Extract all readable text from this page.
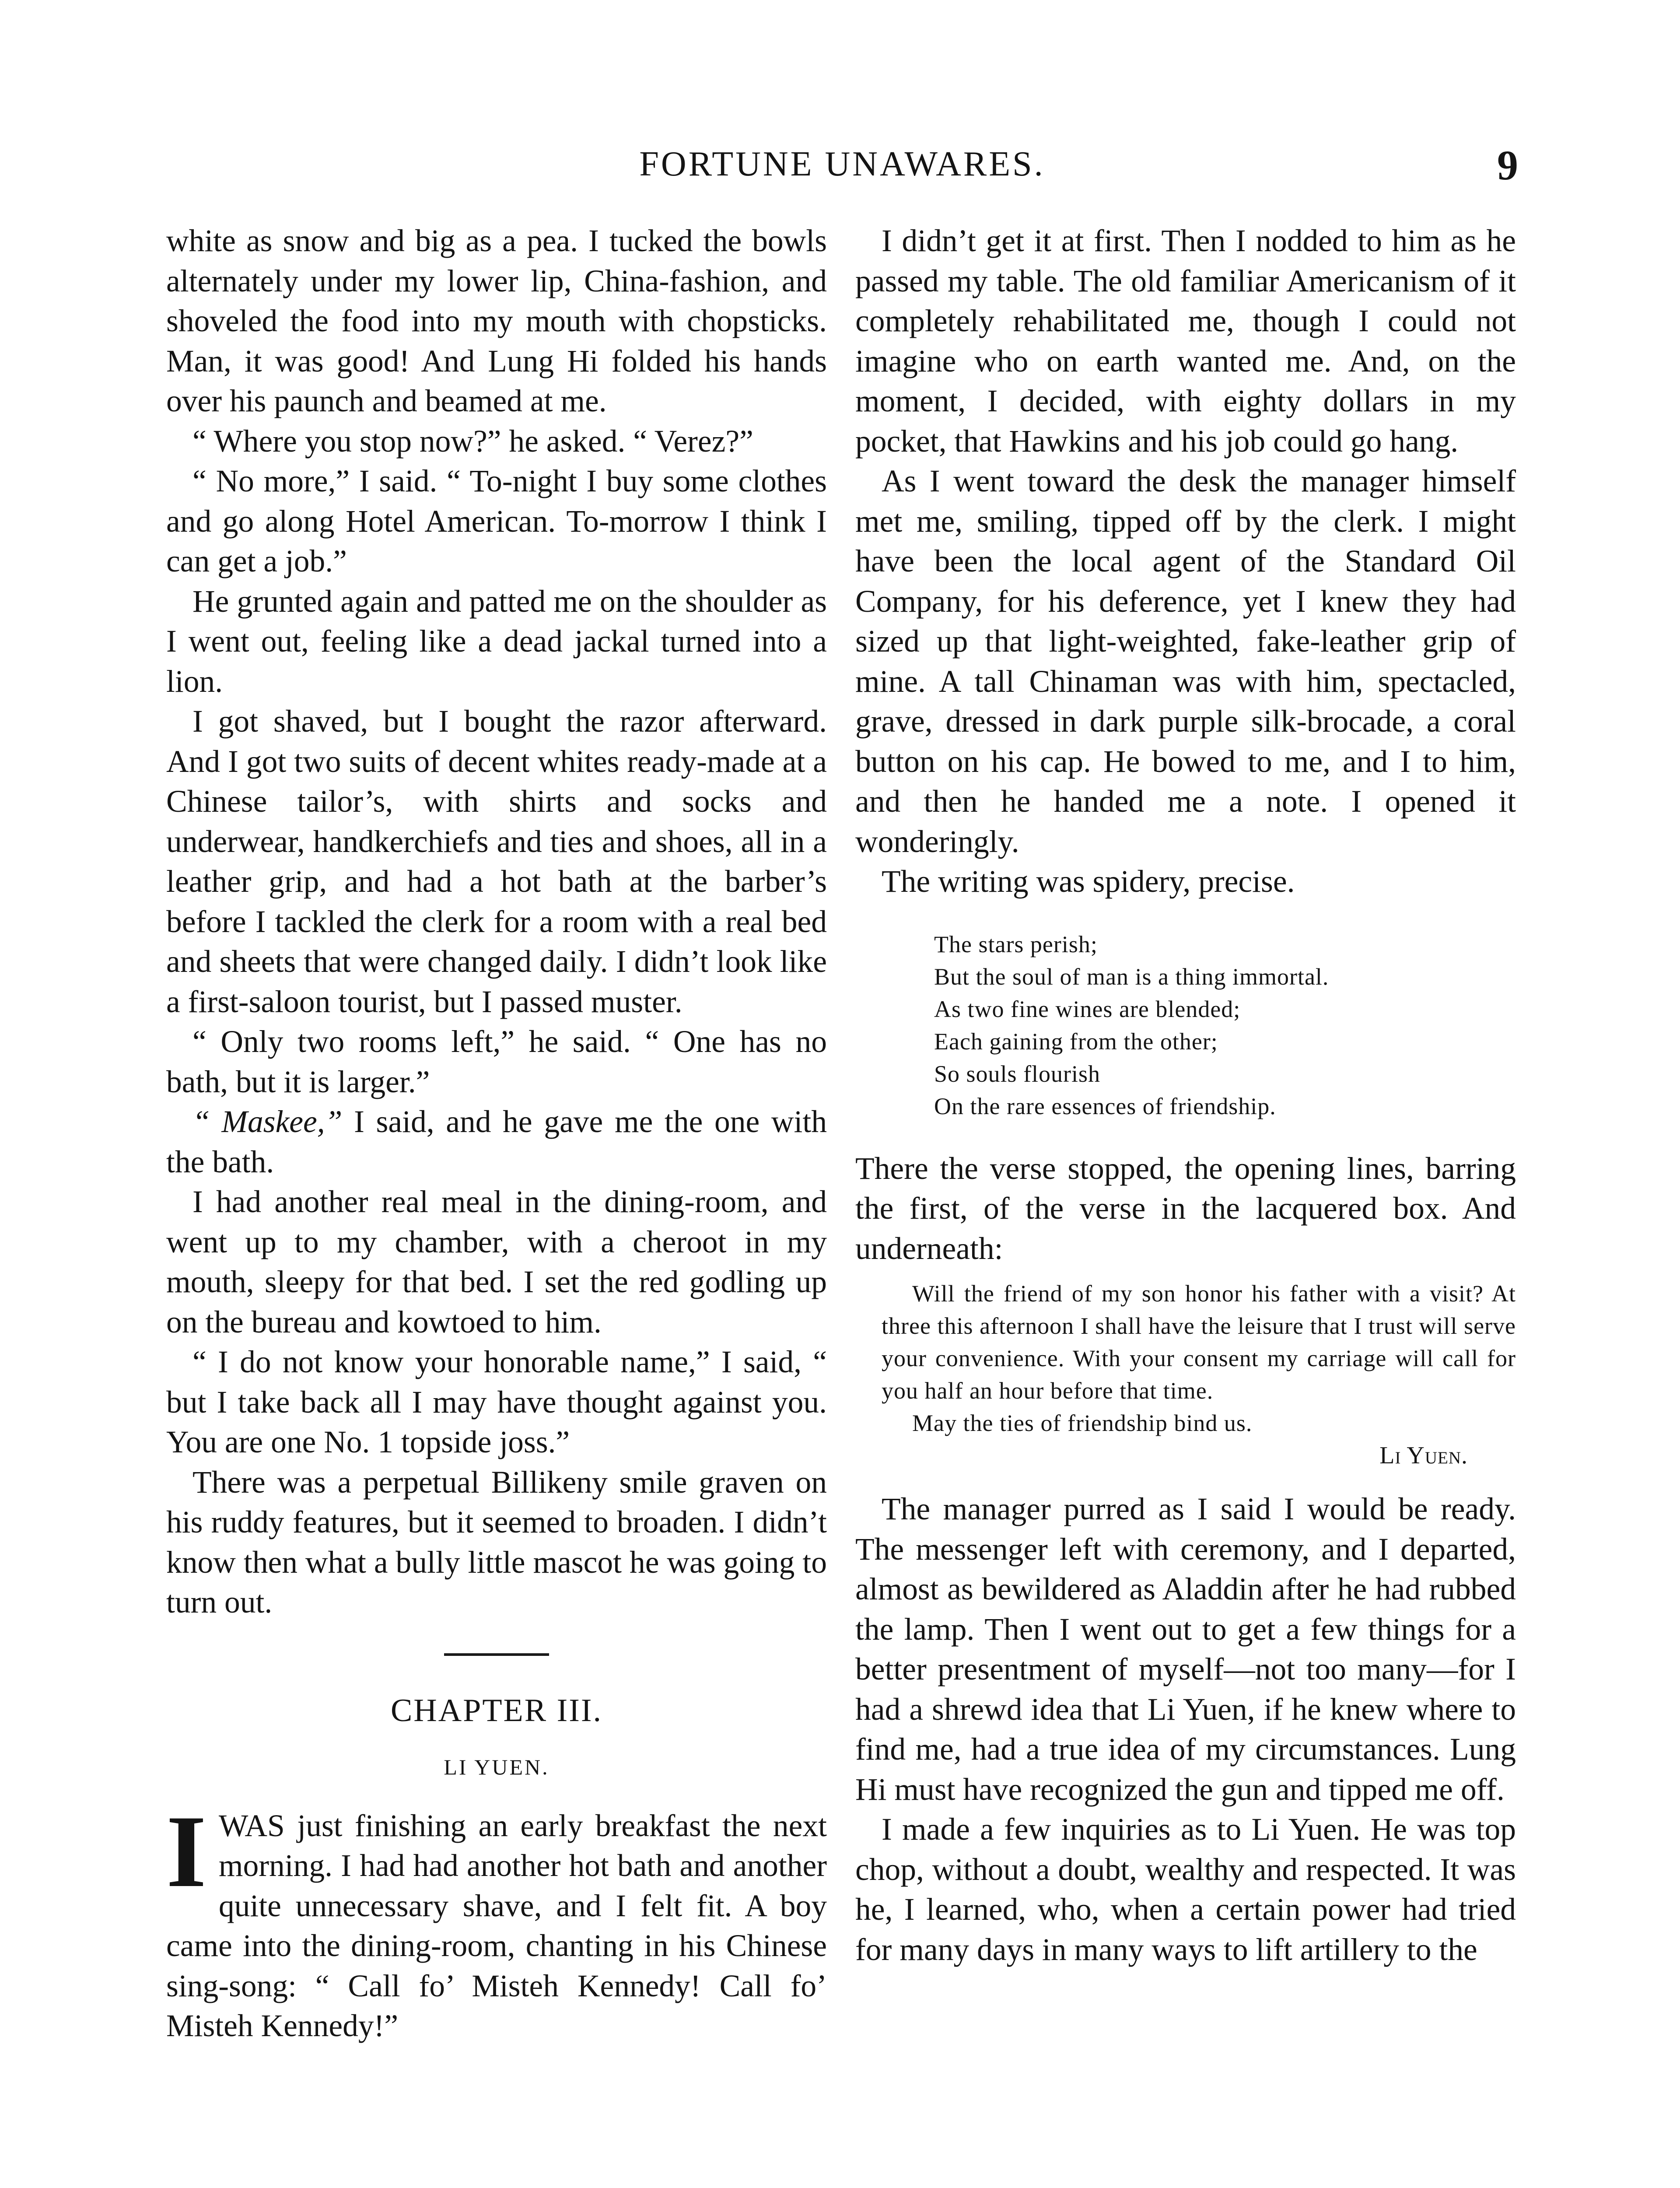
FORTUNE UNAWARES.	9

white as snow and big as a pea. I tucked the bowls alternately under my lower lip, China-fashion, and shoveled the food into my mouth with chopsticks. Man, it was good! And Lung Hi folded his hands over his paunch and beamed at me.

“ Where you stop now?” he asked. “ Verez?”

“ No more,” I said. “ To-night I buy some clothes and go along Hotel American. To-morrow I think I can get a job.”

He grunted again and patted me on the shoulder as I went out, feeling like a dead jackal turned into a lion.

I got shaved, but I bought the razor afterward. And I got two suits of decent whites ready-made at a Chinese tailor’s, with shirts and socks and underwear, handkerchiefs and ties and shoes, all in a leather grip, and had a hot bath at the barber’s before I tackled the clerk for a room with a real bed and sheets that were changed daily. I didn’t look like a first-saloon tourist, but I passed muster.

“ Only two rooms left,” he said. “ One has no bath, but it is larger.”

“ Maskee,” I said, and he gave me the one with the bath.

I had another real meal in the dining-room, and went up to my chamber, with a cheroot in my mouth, sleepy for that bed. I set the red godling up on the bureau and kowtoed to him.

“ I do not know your honorable name,” I said, “ but I take back all I may have thought against you. You are one No. 1 topside joss.”

There was a perpetual Billikeny smile graven on his ruddy features, but it seemed to broaden. I didn’t know then what a bully little mascot he was going to turn out.

CHAPTER III.
LI YUEN.

I WAS just finishing an early breakfast the next morning. I had had another hot bath and another quite unnecessary shave, and I felt fit. A boy came into the dining-room, chanting in his Chinese sing-song: “ Call fo’ Misteh Kennedy! Call fo’ Misteh Kennedy!”

I didn’t get it at first. Then I nodded to him as he passed my table. The old familiar Americanism of it completely rehabilitated me, though I could not imagine who on earth wanted me. And, on the moment, I decided, with eighty dollars in my pocket, that Hawkins and his job could go hang.

As I went toward the desk the manager himself met me, smiling, tipped off by the clerk. I might have been the local agent of the Standard Oil Company, for his deference, yet I knew they had sized up that light-weighted, fake-leather grip of mine. A tall Chinaman was with him, spectacled, grave, dressed in dark purple silk-brocade, a coral button on his cap. He bowed to me, and I to him, and then he handed me a note. I opened it wonderingly.

The writing was spidery, precise.

The stars perish;
But the soul of man is a thing immortal.
As two fine wines are blended;
Each gaining from the other;
So souls flourish
On the rare essences of friendship.

There the verse stopped, the opening lines, barring the first, of the verse in the lacquered box. And underneath:

Will the friend of my son honor his father with a visit? At three this afternoon I shall have the leisure that I trust will serve your convenience. With your consent my carriage will call for you half an hour before that time.

May the ties of friendship bind us.

Li Yuen.

The manager purred as I said I would be ready. The messenger left with ceremony, and I departed, almost as bewildered as Aladdin after he had rubbed the lamp. Then I went out to get a few things for a better presentment of myself—not too many—for I had a shrewd idea that Li Yuen, if he knew where to find me, had a true idea of my circumstances. Lung Hi must have recognized the gun and tipped me off.

I made a few inquiries as to Li Yuen. He was top chop, without a doubt, wealthy and respected. It was he, I learned, who, when a certain power had tried for many days in many ways to lift artillery to the
